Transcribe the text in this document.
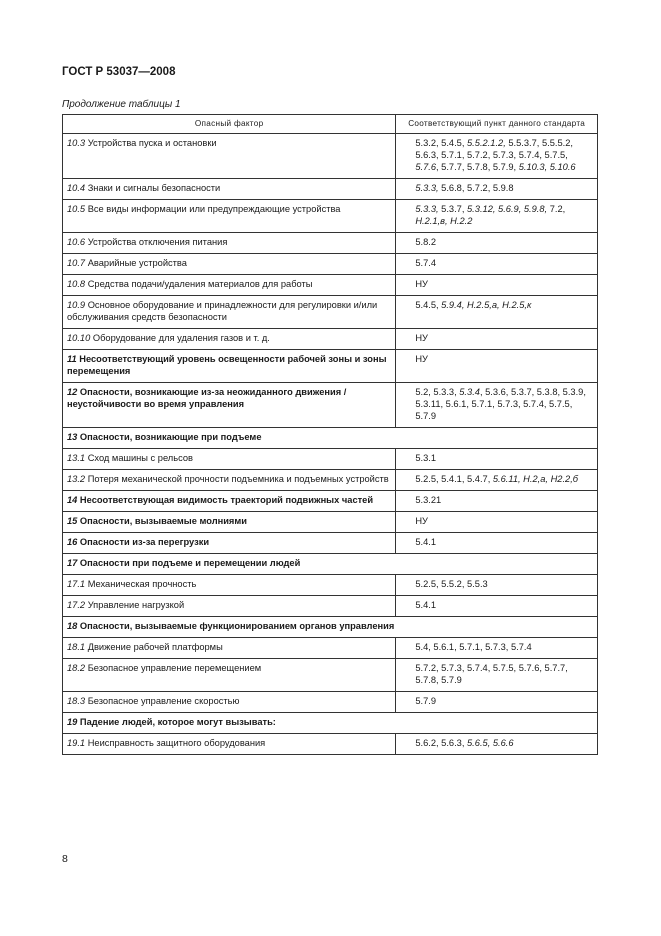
ГОСТ Р 53037—2008
Продолжение таблицы 1
Опасный фактор	Соответствующий пункт данного стандарта
10.3 Устройства пуска и остановки	5.3.2, 5.4.5, 5.5.2.1.2, 5.5.3.7, 5.5.5.2, 5.6.3, 5.7.1, 5.7.2, 5.7.3, 5.7.4, 5.7.5, 5.7.6, 5.7.7, 5.7.8, 5.7.9, 5.10.3, 5.10.6
10.4 Знаки и сигналы безопасности	5.3.3, 5.6.8, 5.7.2, 5.9.8
10.5 Все виды информации или предупреждающие устройства	5.3.3, 5.3.7, 5.3.12, 5.6.9, 5.9.8, 7.2, H.2.1,в, H.2.2
10.6 Устройства отключения питания	5.8.2
10.7 Аварийные устройства	5.7.4
10.8 Средства подачи/удаления материалов для работы	НУ
10.9 Основное оборудование и принадлежности для регулировки и/или обслуживания средств безопасности	5.4.5, 5.9.4, H.2.5,а, H.2.5,к
10.10 Оборудование для удаления газов и т. д.	НУ
11 Несоответствующий уровень освещенности рабочей зоны и зоны перемещения	НУ
12 Опасности, возникающие из-за неожиданного движения / неустойчивости во время управления	5.2, 5.3.3, 5.3.4, 5.3.6, 5.3.7, 5.3.8, 5.3.9, 5.3.11, 5.6.1, 5.7.1, 5.7.3, 5.7.4, 5.7.5, 5.7.9
13 Опасности, возникающие при подъеме	
13.1 Сход машины с рельсов	5.3.1
13.2 Потеря механической прочности подъемника и подъемных устройств	5.2.5, 5.4.1, 5.4.7, 5.6.11, H.2,а, H2.2,б
14 Несоответствующая видимость траекторий подвижных частей	5.3.21
15 Опасности, вызываемые молниями	НУ
16 Опасности из-за перегрузки	5.4.1
17 Опасности при подъеме и перемещении людей	
17.1 Механическая прочность	5.2.5, 5.5.2, 5.5.3
17.2 Управление нагрузкой	5.4.1
18 Опасности, вызываемые функционированием органов управления	
18.1 Движение рабочей платформы	5.4, 5.6.1, 5.7.1, 5.7.3, 5.7.4
18.2 Безопасное управление перемещением	5.7.2, 5.7.3, 5.7.4, 5.7.5, 5.7.6, 5.7.7, 5.7.8, 5.7.9
18.3 Безопасное управление скоростью	5.7.9
19 Падение людей, которое могут вызывать:	
19.1 Неисправность защитного оборудования	5.6.2, 5.6.3, 5.6.5, 5.6.6
8
